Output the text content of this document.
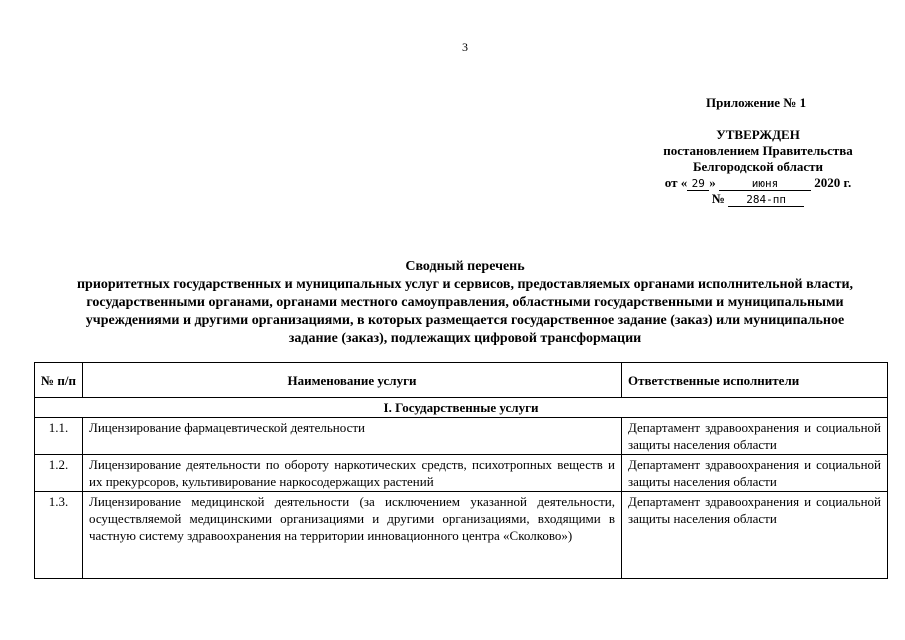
3
Приложение № 1
УТВЕРЖДЕН
постановлением Правительства
Белгородской области
от « 29 »	июня	2020 г.
№ 284-пп
Сводный перечень
приоритетных государственных и муниципальных услуг и сервисов, предоставляемых органами исполнительной власти, государственными органами, органами местного самоуправления, областными государственными и муниципальными учреждениями и другими организациями, в которых размещается государственное задание (заказ) или муниципальное задание (заказ), подлежащих цифровой трансформации
№ п/п	Наименование услуги	Ответственные исполнители
I. Государственные услуги		
1.1.	Лицензирование фармацевтической деятельности	Департамент здравоохранения и социальной защиты населения области
1.2.	Лицензирование деятельности по обороту наркотических средств, психотропных веществ и их прекурсоров, культивирование наркосодержащих растений	Департамент здравоохранения и социальной защиты населения области
1.3.	Лицензирование медицинской деятельности (за исключением указанной деятельности, осуществляемой медицинскими организациями и другими организациями, входящими в частную систему здравоохранения на территории инновационного центра «Сколково»)	Департамент здравоохранения и социальной защиты населения области
